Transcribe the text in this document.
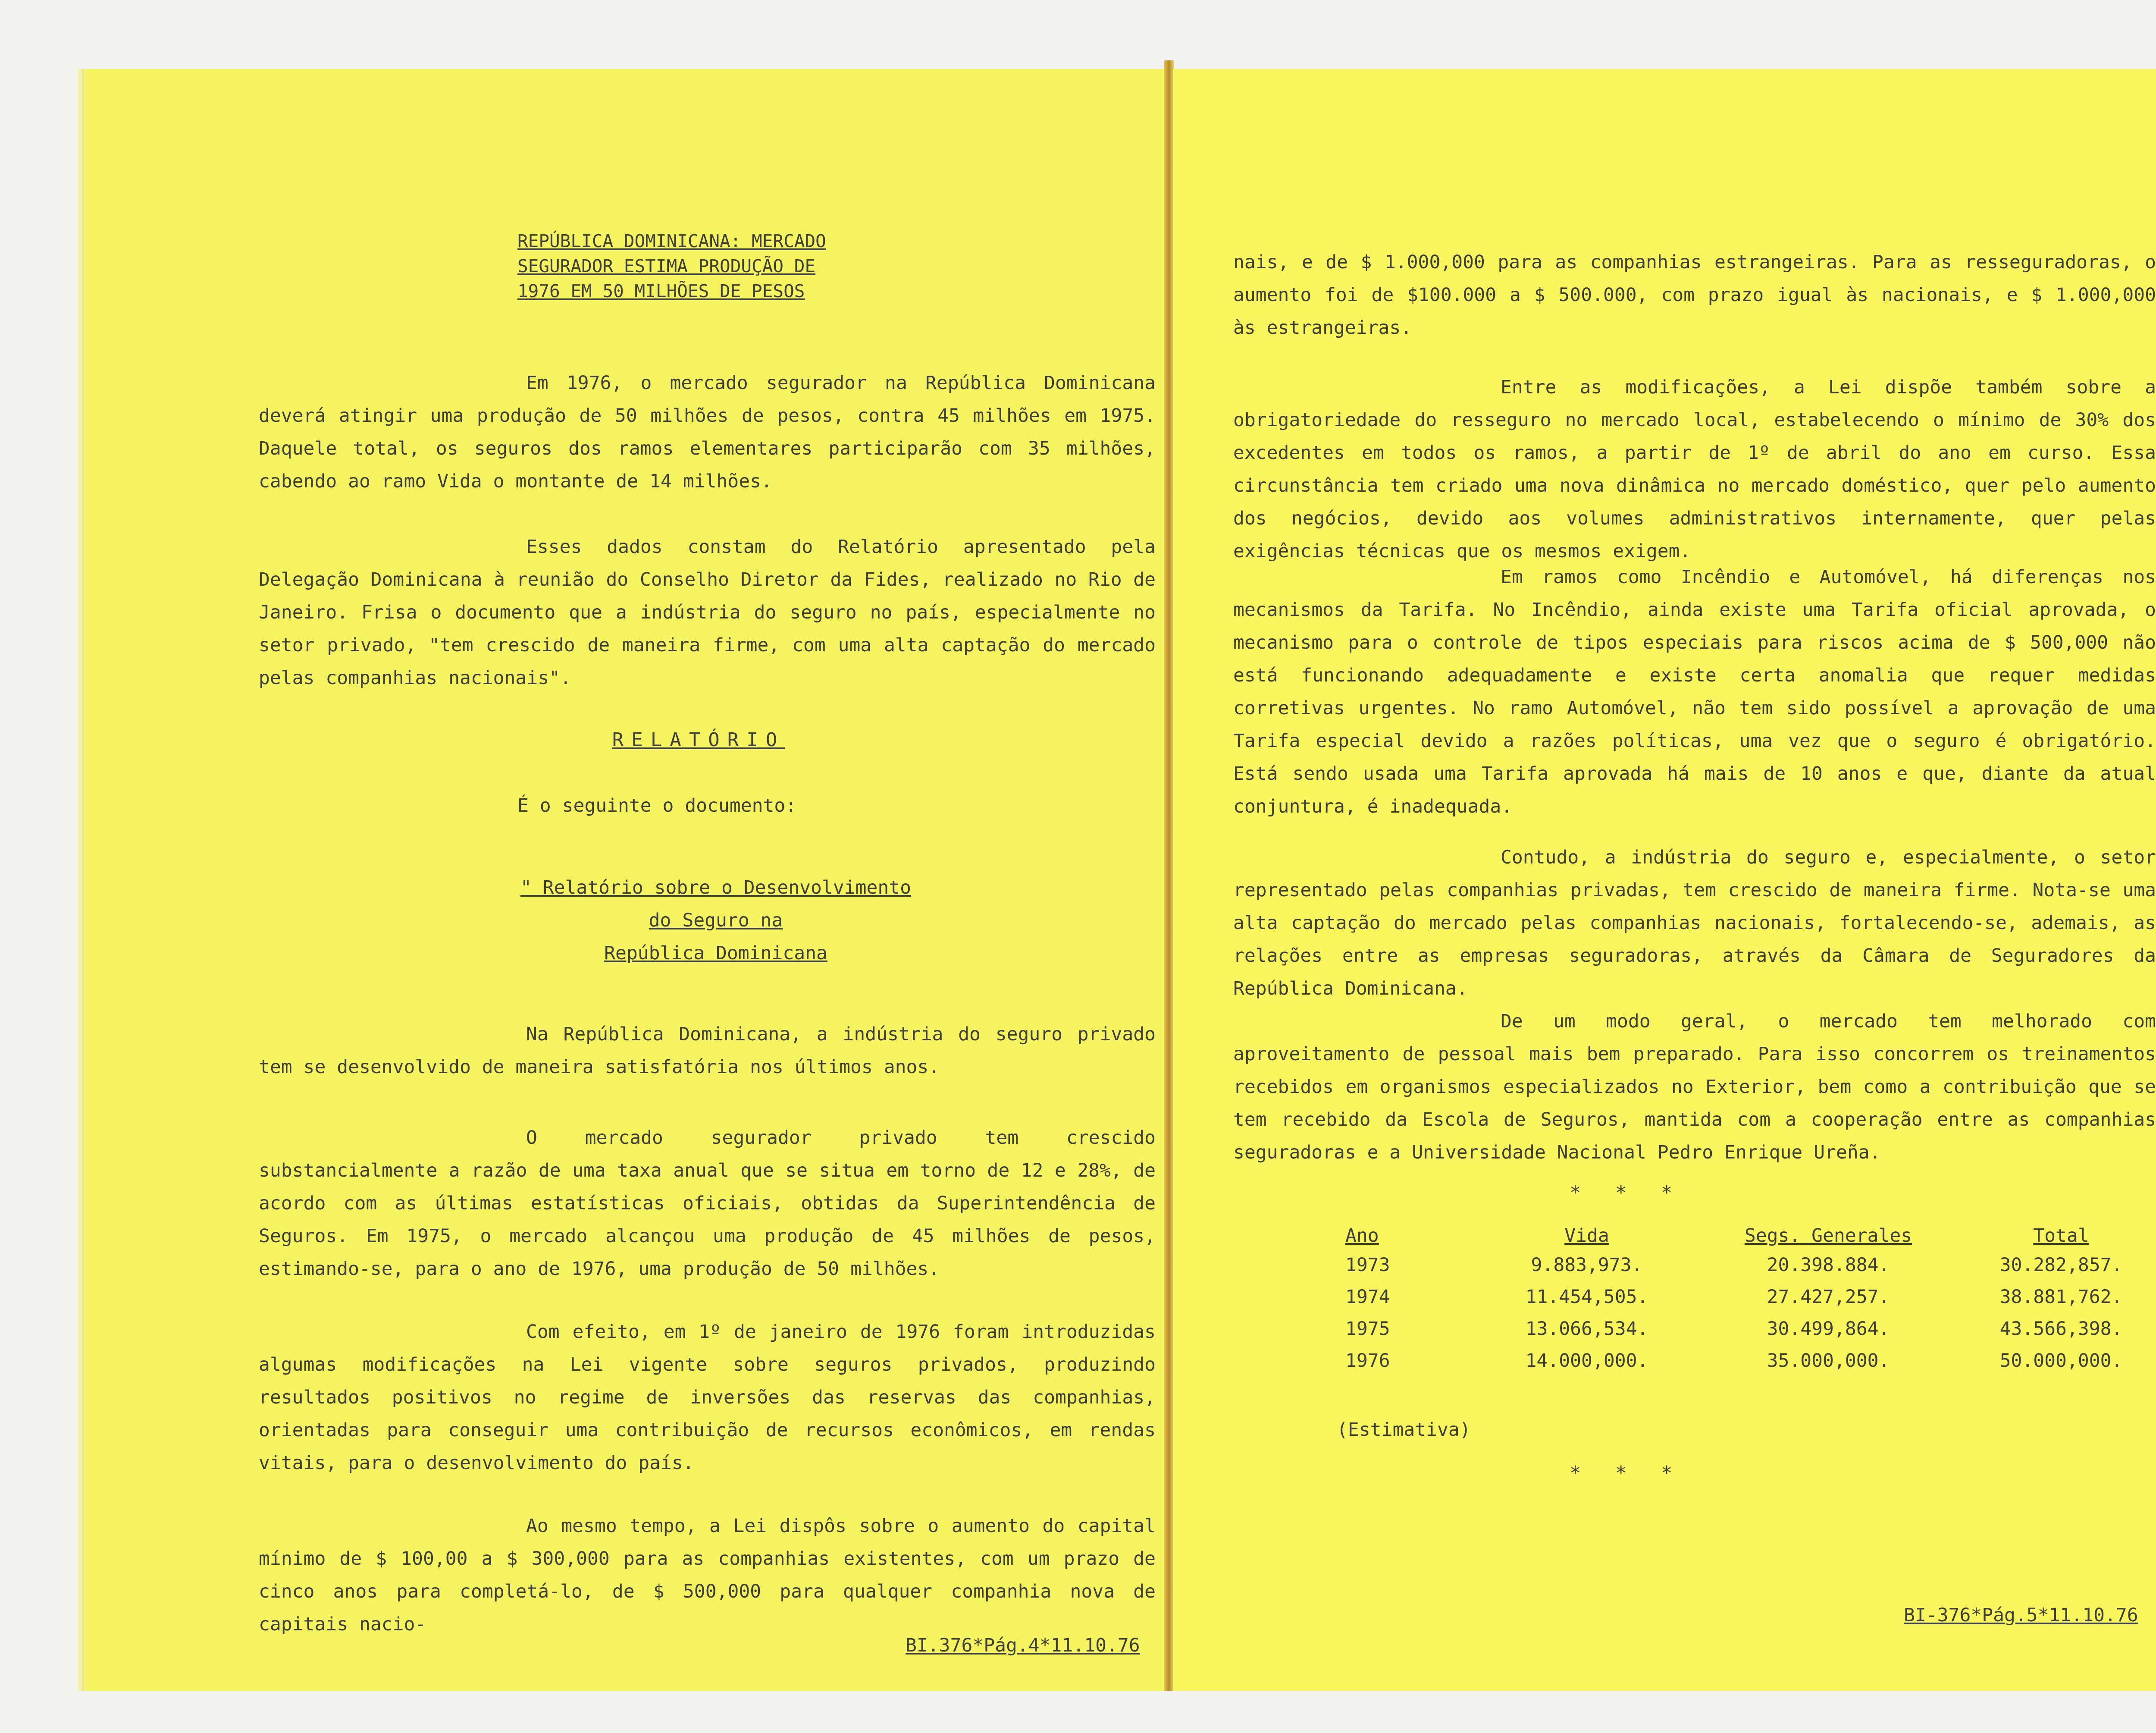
REPÚBLICA DOMINICANA: MERCADO
SEGURADOR ESTIMA PRODUÇÃO DE
1976 EM 50 MILHÕES DE PESOS
Em 1976, o mercado segurador na República Dominicana deverá atingir uma produção de 50 milhões de pesos, contra 45 milhões em 1975. Daquele total, os seguros dos ramos elementares participarão com 35 milhões, cabendo ao ramo Vida o montante de 14 milhões.
Esses dados constam do Relatório apresentado pela Delegação Dominicana à reunião do Conselho Diretor da Fides, realizado no Rio de Janeiro. Frisa o documento que a indústria do seguro no país, especialmente no setor privado, "tem crescido de maneira firme, com uma alta captação do mercado pelas companhias nacionais".
RELATÓRIO
É o seguinte o documento:
" Relatório sobre o Desenvolvimento
do Seguro na
República Dominicana
Na República Dominicana, a indústria do seguro privado tem se desenvolvido de maneira satisfatória nos últimos anos.
O mercado segurador privado tem crescido substancialmente a razão de uma taxa anual que se situa em torno de 12 e 28%, de acordo com as últimas estatísticas oficiais, obtidas da Superintendência de Seguros. Em 1975, o mercado alcançou uma produção de 45 milhões de pesos, estimando-se, para o ano de 1976, uma produção de 50 milhões.
Com efeito, em 1º de janeiro de 1976 foram introduzidas algumas modificações na Lei vigente sobre seguros privados, produzindo resultados positivos no regime de inversões das reservas das companhias, orientadas para conseguir uma contribuição de recursos econômicos, em rendas vitais, para o desenvolvimento do país.
Ao mesmo tempo, a Lei dispôs sobre o aumento do capital mínimo de $ 100,00 a $ 300,000 para as companhias existentes, com um prazo de cinco anos para completá-lo, de $ 500,000 para qualquer companhia nova de capitais nacio-
BI.376*Pág.4*11.10.76
nais, e de $ 1.000,000 para as companhias estrangeiras. Para as resseguradoras, o aumento foi de $100.000 a $ 500.000, com prazo igual às nacionais, e $ 1.000,000 às estrangeiras.
Entre as modificações, a Lei dispõe também sobre a obrigatoriedade do resseguro no mercado local, estabelecendo o mínimo de 30% dos excedentes em todos os ramos, a partir de 1º de abril do ano em curso. Essa circunstância tem criado uma nova dinâmica no mercado doméstico, quer pelo aumento dos negócios, devido aos volumes administrativos internamente, quer pelas exigências técnicas que os mesmos exigem.
Em ramos como Incêndio e Automóvel, há diferenças nos mecanismos da Tarifa. No Incêndio, ainda existe uma Tarifa oficial aprovada, o mecanismo para o controle de tipos especiais para riscos acima de $ 500,000 não está funcionando adequadamente e existe certa anomalia que requer medidas corretivas urgentes. No ramo Automóvel, não tem sido possível a aprovação de uma Tarifa especial devido a razões políticas, uma vez que o seguro é obrigatório. Está sendo usada uma Tarifa aprovada há mais de 10 anos e que, diante da atual conjuntura, é inadequada.
Contudo, a indústria do seguro e, especialmente, o setor representado pelas companhias privadas, tem crescido de maneira firme. Nota-se uma alta captação do mercado pelas companhias nacionais, fortalecendo-se, ademais, as relações entre as empresas seguradoras, através da Câmara de Seguradores da República Dominicana.
De um modo geral, o mercado tem melhorado com aproveitamento de pessoal mais bem preparado. Para isso concorrem os treinamentos recebidos em organismos especializados no Exterior, bem como a contribuição que se tem recebido da Escola de Seguros, mantida com a cooperação entre as companhias seguradoras e a Universidade Nacional Pedro Enrique Ureña.
*   *   *
Ano	Vida	Segs. Generales	Total
1973	9.883,973.	20.398.884.	30.282,857.
1974	11.454,505.	27.427,257.	38.881,762.
1975	13.066,534.	30.499,864.	43.566,398.
1976	14.000,000.	35.000,000.	50.000,000.
(Estimativa)
*   *   *
BI-376*Pág.5*11.10.76
